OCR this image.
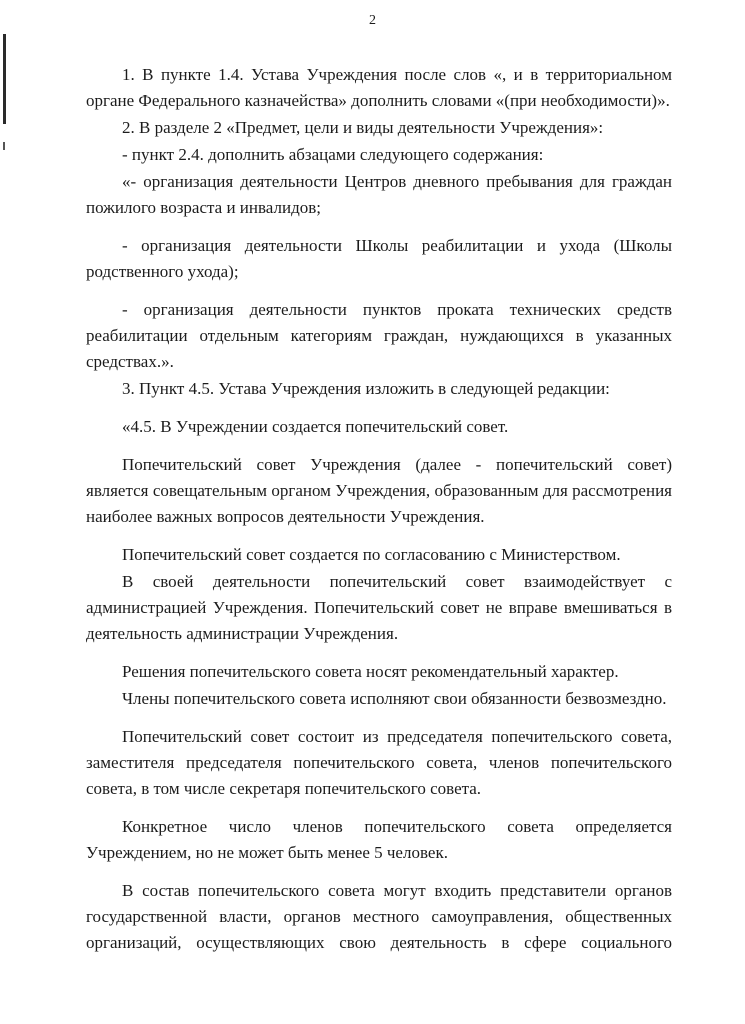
2

1. В пункте 1.4. Устава Учреждения после слов «, и в территориальном органе Федерального казначейства» дополнить словами «(при необходимости)».

2. В разделе 2 «Предмет, цели и виды деятельности Учреждения»:

- пункт 2.4. дополнить абзацами следующего содержания:

«- организация деятельности Центров дневного пребывания для граждан пожилого возраста и инвалидов;

- организация деятельности Школы реабилитации и ухода (Школы родственного ухода);

- организация деятельности пунктов проката технических средств реабилитации отдельным категориям граждан, нуждающихся в указанных средствах.».

3. Пункт 4.5. Устава Учреждения изложить в следующей редакции:

«4.5. В Учреждении создается попечительский совет.

Попечительский совет Учреждения (далее - попечительский совет) является совещательным органом Учреждения, образованным для рассмотрения наиболее важных вопросов деятельности Учреждения.

Попечительский совет создается по согласованию с Министерством.

В своей деятельности попечительский совет взаимодействует с администрацией Учреждения. Попечительский совет не вправе вмешиваться в деятельность администрации Учреждения.

Решения попечительского совета носят рекомендательный характер.

Члены попечительского совета исполняют свои обязанности безвозмездно.

Попечительский совет состоит из председателя попечительского совета, заместителя председателя попечительского совета, членов попечительского совета, в том числе секретаря попечительского совета.

Конкретное число членов попечительского совета определяется Учреждением, но не может быть менее 5 человек.

В состав попечительского совета могут входить представители органов государственной власти, органов местного самоуправления, общественных организаций, осуществляющих свою деятельность в сфере социального
